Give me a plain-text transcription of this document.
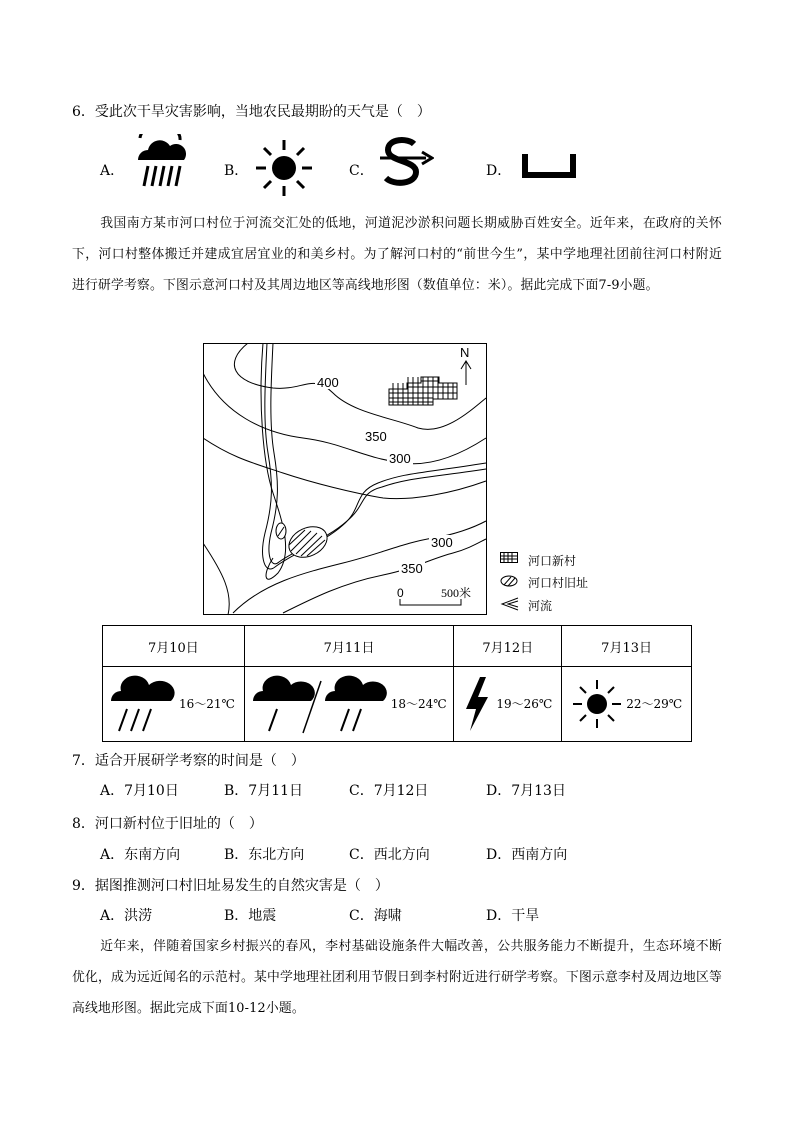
6．受此次干旱灾害影响，当地农民最期盼的天气是（　）
A．	B．	C．	D．
我国南方某市河口村位于河流交汇处的低地，河道泥沙淤积问题长期威胁百姓安全。近年来，在政府的关怀下，河口村整体搬迁并建成宜居宜业的和美乡村。为了解河口村的“前世今生”，某中学地理社团前往河口村附近进行研学考察。下图示意河口村及其周边地区等高线地形图（数值单位：米）。据此完成下面7-9小题。
400
350
300
300
350
N
0	500米
河口新村
河口村旧址
河流
7月10日	7月11日	7月12日	7月13日

16～21℃	18～24℃	19～26℃	22～29℃
7．适合开展研学考察的时间是（　）
A．7月10日	B．7月11日	C．7月12日	D．7月13日
8．河口新村位于旧址的（　）
A．东南方向	B．东北方向	C．西北方向	D．西南方向
9．据图推测河口村旧址易发生的自然灾害是（　）
A．洪涝	B．地震	C．海啸	D．干旱
近年来，伴随着国家乡村振兴的春风，李村基础设施条件大幅改善，公共服务能力不断提升，生态环境不断优化，成为远近闻名的示范村。某中学地理社团利用节假日到李村附近进行研学考察。下图示意李村及周边地区等高线地形图。据此完成下面10-12小题。
